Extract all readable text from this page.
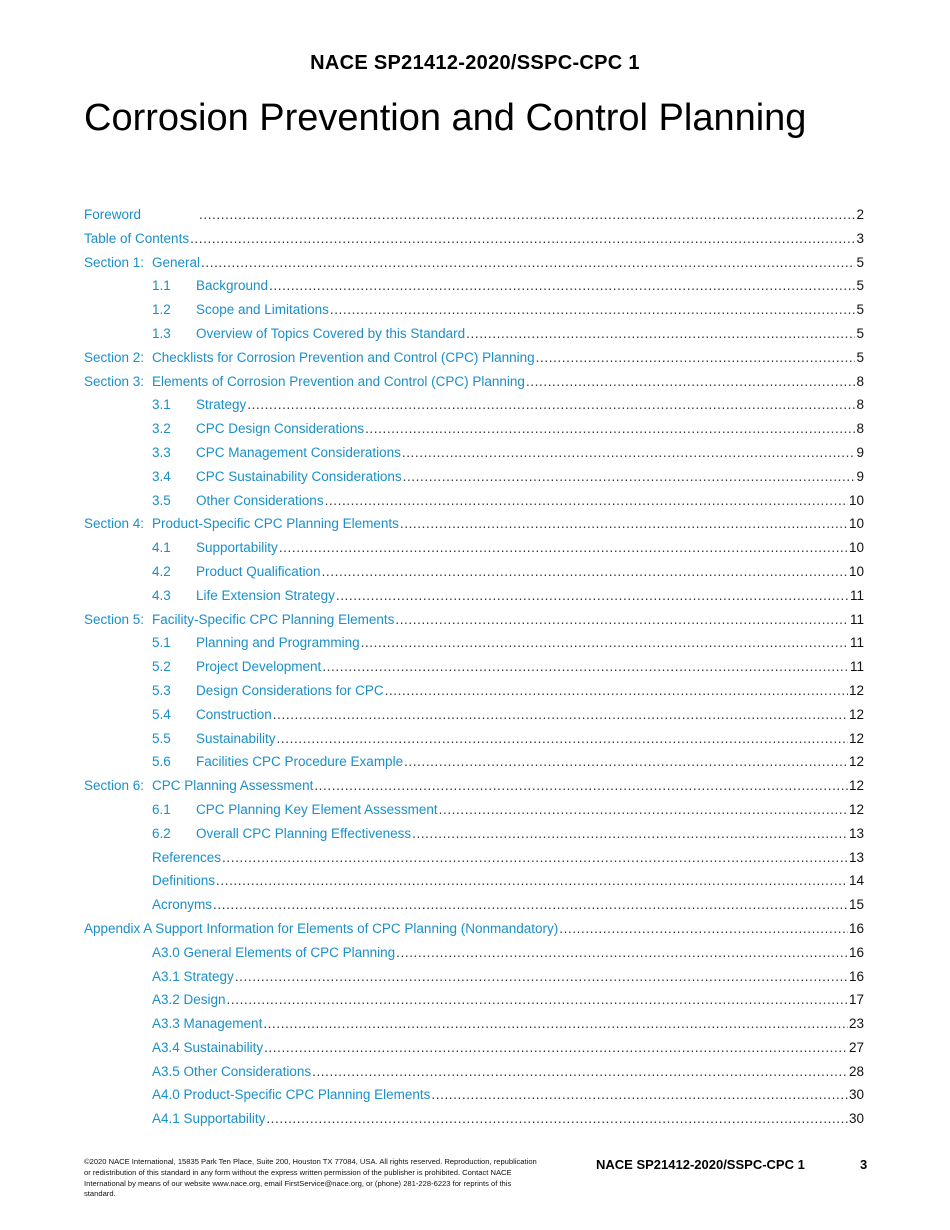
NACE SP21412-2020/SSPC-CPC 1
Corrosion Prevention and Control Planning
Foreword .....	2
Table of Contents .....	3
Section 1: General .....	5
1.1	Background .....	5
1.2	Scope and Limitations .....	5
1.3	Overview of Topics Covered by this Standard .....	5
Section 2: Checklists for Corrosion Prevention and Control (CPC) Planning .....	5
Section 3: Elements of Corrosion Prevention and Control (CPC) Planning .....	8
3.1	Strategy .....	8
3.2	CPC Design Considerations .....	8
3.3	CPC Management Considerations .....	9
3.4	CPC Sustainability Considerations .....	9
3.5	Other Considerations .....	10
Section 4: Product-Specific CPC Planning Elements .....	10
4.1	Supportability .....	10
4.2	Product Qualification .....	10
4.3	Life Extension Strategy .....	11
Section 5: Facility-Specific CPC Planning Elements .....	11
5.1	Planning and Programming .....	11
5.2	Project Development .....	11
5.3	Design Considerations for CPC .....	12
5.4	Construction .....	12
5.5	Sustainability .....	12
5.6	Facilities CPC Procedure Example .....	12
Section 6: CPC Planning Assessment .....	12
6.1	CPC Planning Key Element Assessment .....	12
6.2	Overall CPC Planning Effectiveness .....	13
References .....	13
Definitions .....	14
Acronyms .....	15
Appendix A Support Information for Elements of CPC Planning (Nonmandatory) .....	16
A3.0 General Elements of CPC Planning .....	16
A3.1 Strategy .....	16
A3.2 Design .....	17
A3.3 Management .....	23
A3.4 Sustainability .....	27
A3.5 Other Considerations .....	28
A4.0 Product-Specific CPC Planning Elements .....	30
A4.1 Supportability .....	30
©2020 NACE International, 15835 Park Ten Place, Suite 200, Houston TX 77084, USA. All rights reserved. Reproduction, republication or redistribution of this standard in any form without the express written permission of the publisher is prohibited. Contact NACE International by means of our website www.nace.org, email FirstService@nace.org, or (phone) 281-228-6223 for reprints of this standard.
NACE SP21412-2020/SSPC-CPC 1	3
